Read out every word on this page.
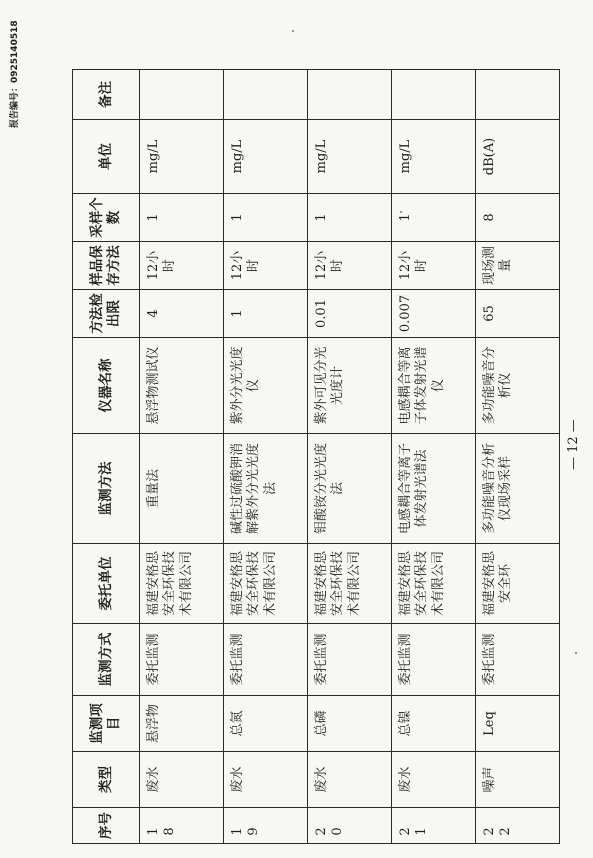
报告编号：0925140518
序号	类型	监测项目	监测方式	委托单位	监测方法	仪器名称	方法检出限	样品保存方法	采样个数	单位	备注
18	废水	悬浮物	委托监测	福建安格思安全环保技术有限公司	重量法	悬浮物测试仪	4	12小时	1	mg/L	
19	废水	总氮	委托监测	福建安格思安全环保技术有限公司	碱性过硫酸钾消解紫外分光光度法	紫外分光光度仪	1	12小时	1	mg/L	
20	废水	总磷	委托监测	福建安格思安全环保技术有限公司	钼酸铵分光光度法	紫外可见分光光度计	0.01	12小时	1	mg/L	
21	废水	总镍	委托监测	福建安格思安全环保技术有限公司	电感耦合等离子体发射光谱法	电感耦合等离子体发射光谱仪	0.007	12小时	1	mg/L	
22	噪声	Leq	委托监测	福建安格思安全环	多功能噪音分析仪现场采样	多功能噪音分析仪	65	现场测量	8	dB(A)	
— 12 —
